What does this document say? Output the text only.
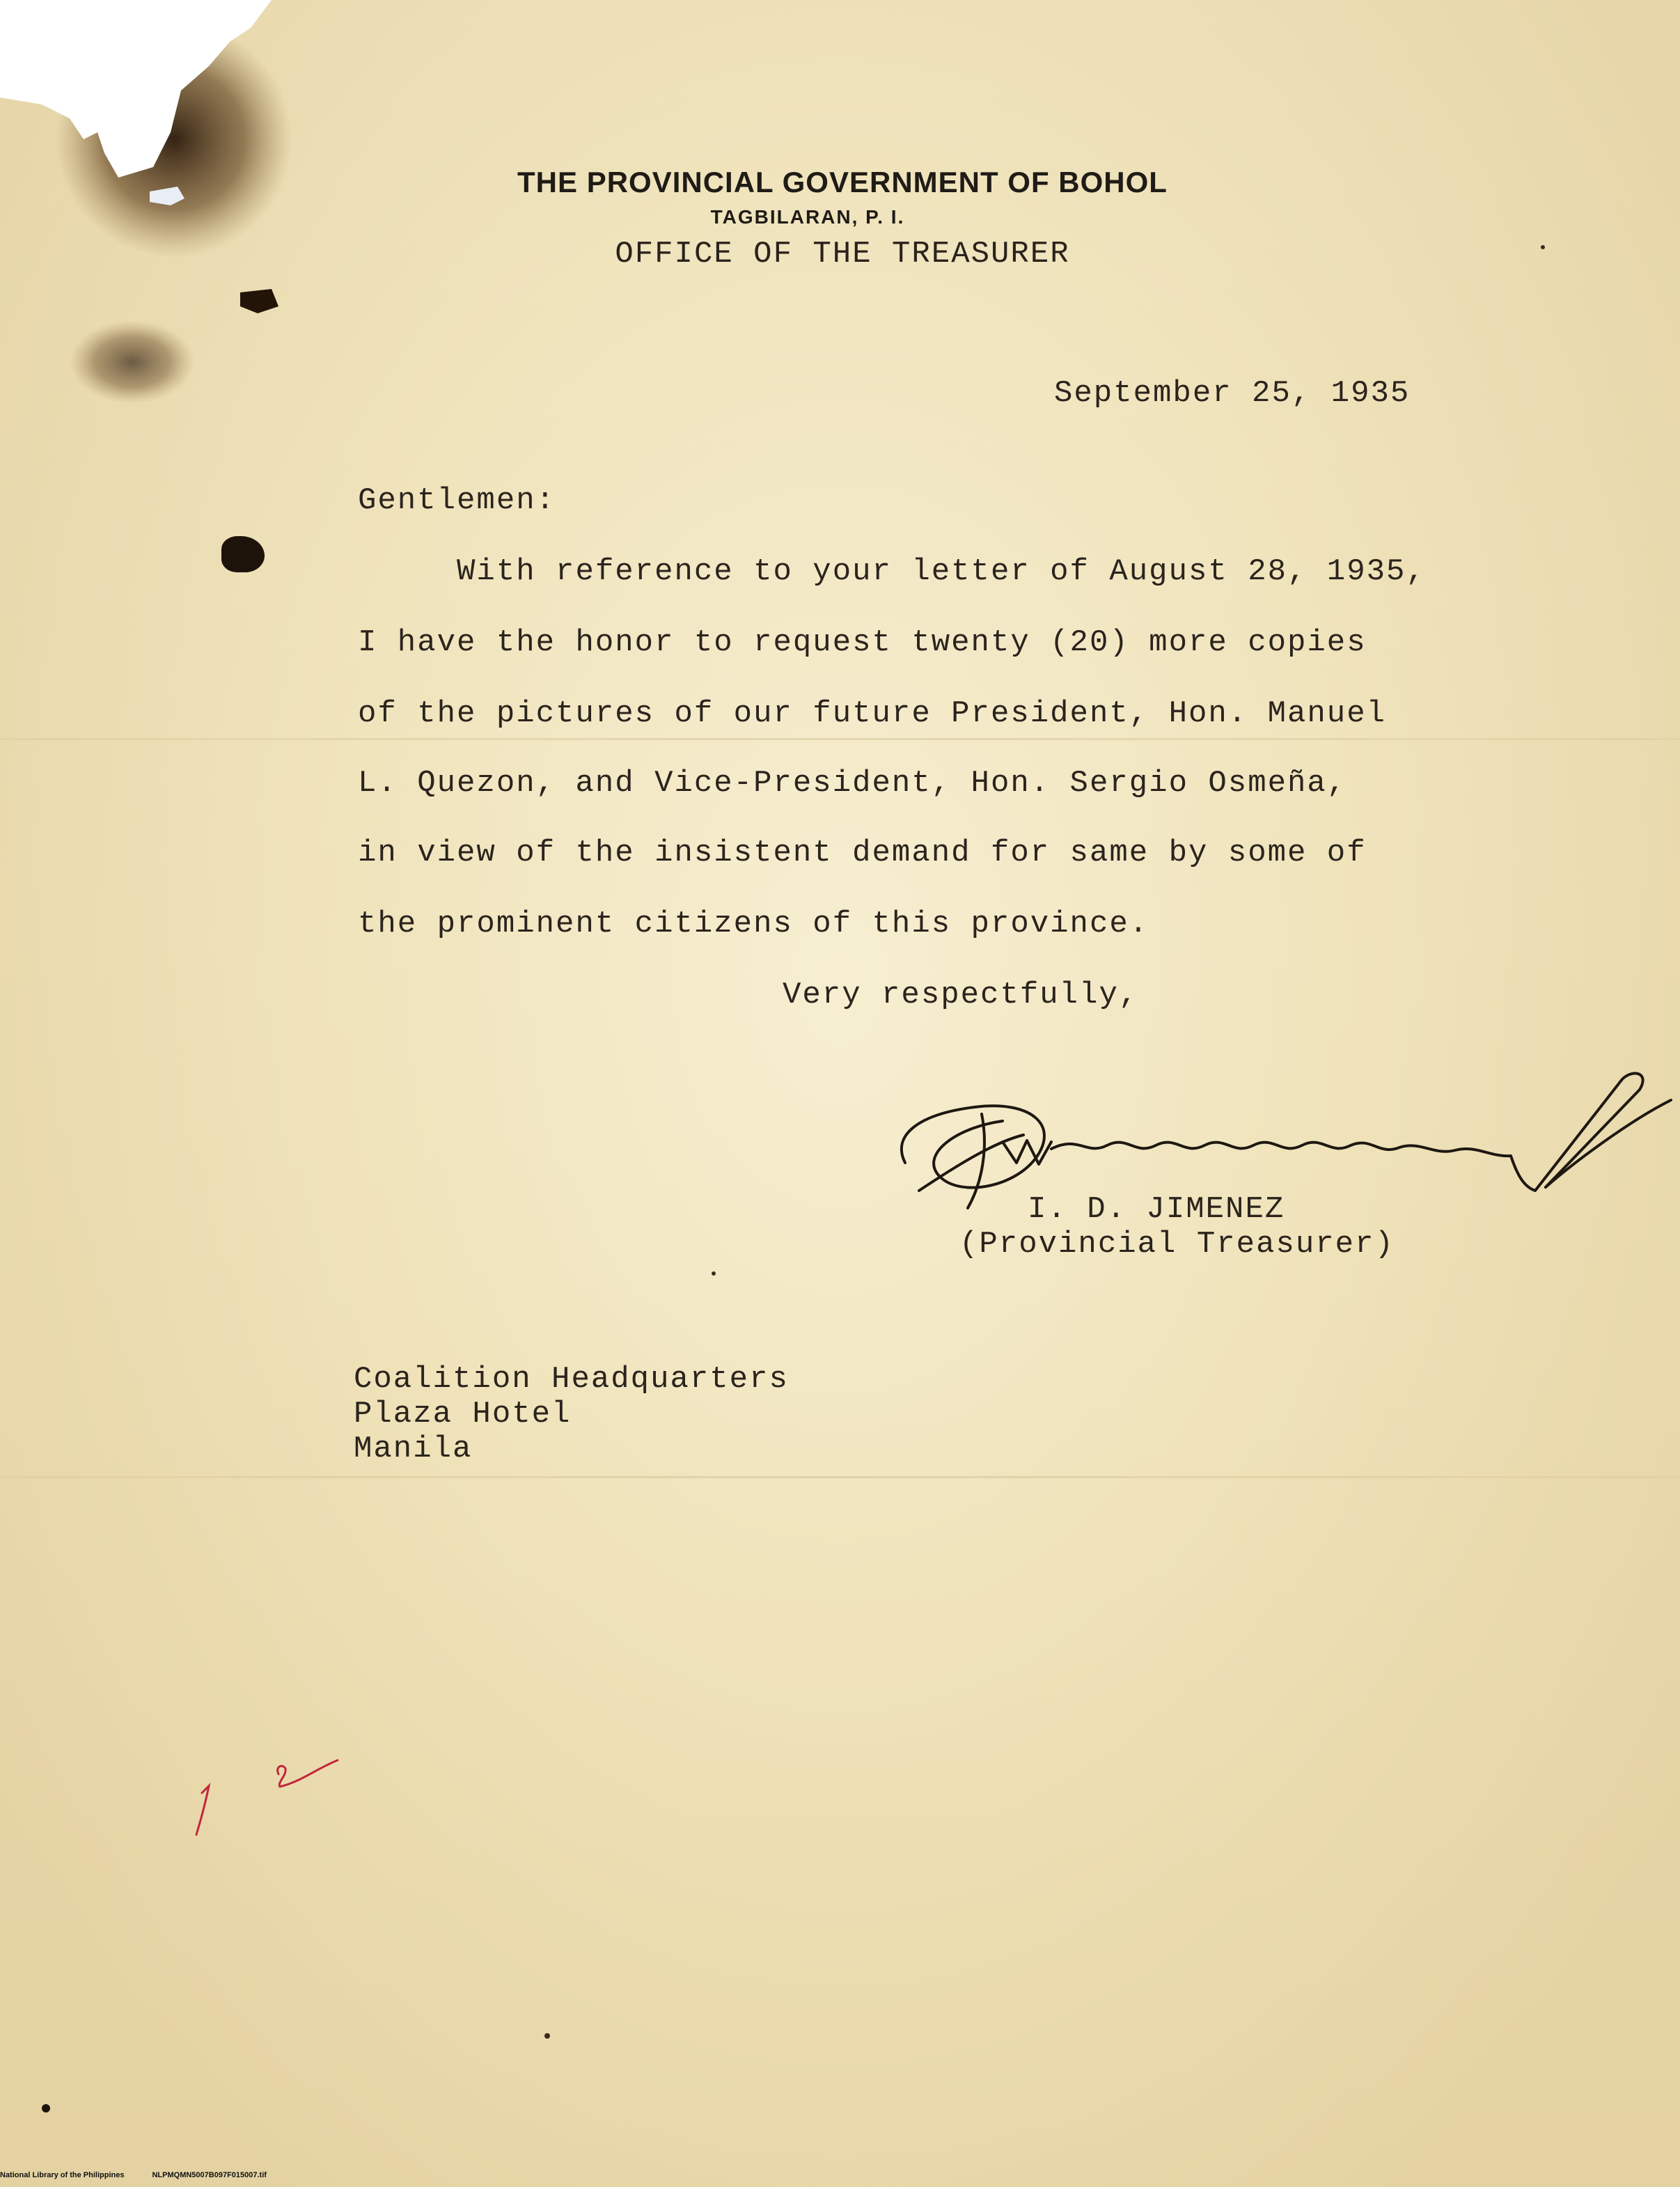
THE PROVINCIAL GOVERNMENT OF BOHOL
TAGBILARAN, P. I.
OFFICE OF THE TREASURER
September 25, 1935
Gentlemen:
With reference to your letter of August 28, 1935,
I have the honor to request twenty (20) more copies
of the pictures of our future President, Hon. Manuel
L. Quezon, and Vice-President, Hon. Sergio Osmeña,
in view of the insistent demand for same by some of
the prominent citizens of this province.
Very respectfully,
I. D. JIMENEZ
(Provincial Treasurer)
Coalition Headquarters
Plaza Hotel
Manila
National Library of the Philippines	NLPMQMN5007B097F015007.tif
